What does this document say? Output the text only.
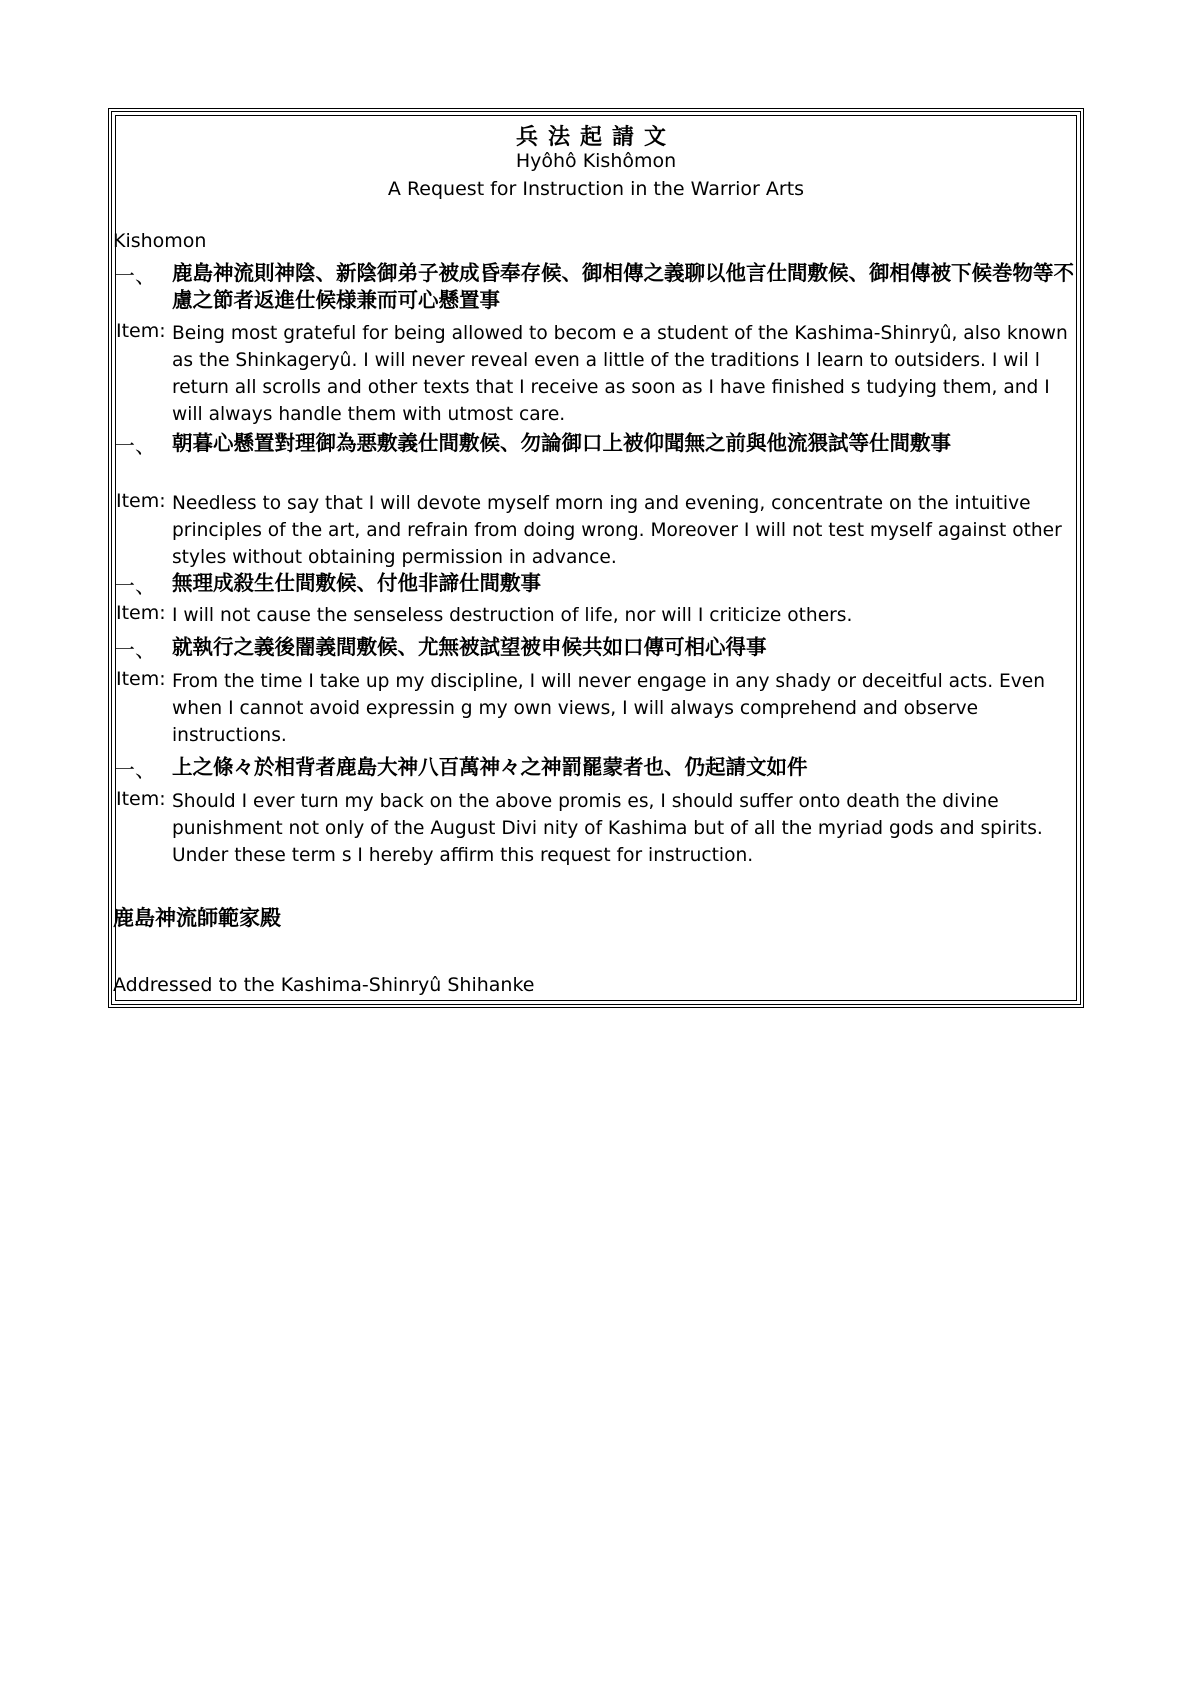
兵法起請文
Hyôhô Kishômon
A Request for Instruction in the Warrior Arts
Kishomon
一、 鹿島神流則神陰、新陰御弟子被成昏奉存候、御相傳之義聊以他言仕間敷候、御相傳被下候巻物等不慮之節者返進仕候様兼而可心懸置事
Item: Being most grateful for being allowed to becom e a student of the Kashima-Shinryû, also known as the Shinkageryû. I will never reveal even a little of the traditions I learn to outsiders. I wil l return all scrolls and other texts that I receive as soon as I have finished s tudying them, and I will always handle them with utmost care.
一、 朝暮心懸置對理御為悪敷義仕間敷候、勿論御口上被仰聞無之前與他流猥試等仕間敷事
Item: Needless to say that I will devote myself morn ing and evening, concentrate on the intuitive principles of the art, and refrain from doing wrong. Moreover I will not test myself against other styles without obtaining permission in advance.
一、 無理成殺生仕間敷候、付他非諦仕間敷事
Item: I will not cause the senseless destruction of life, nor will I criticize others.
一、 就執行之義後闇義間敷候、尤無被試望被申候共如口傳可相心得事
Item: From the time I take up my discipline, I will never engage in any shady or deceitful acts. Even when I cannot avoid expressin g my own views, I will always comprehend and observe instructions.
一、 上之條々於相背者鹿島大神八百萬神々之神罰罷蒙者也、仍起請文如件
Item: Should I ever turn my back on the above promis es, I should suffer onto death the divine punishment not only of the August Divi nity of Kashima but of all the myriad gods and spirits. Under these term s I hereby affirm this request for instruction.
鹿島神流師範家殿
Addressed to the Kashima-Shinryû Shihanke
